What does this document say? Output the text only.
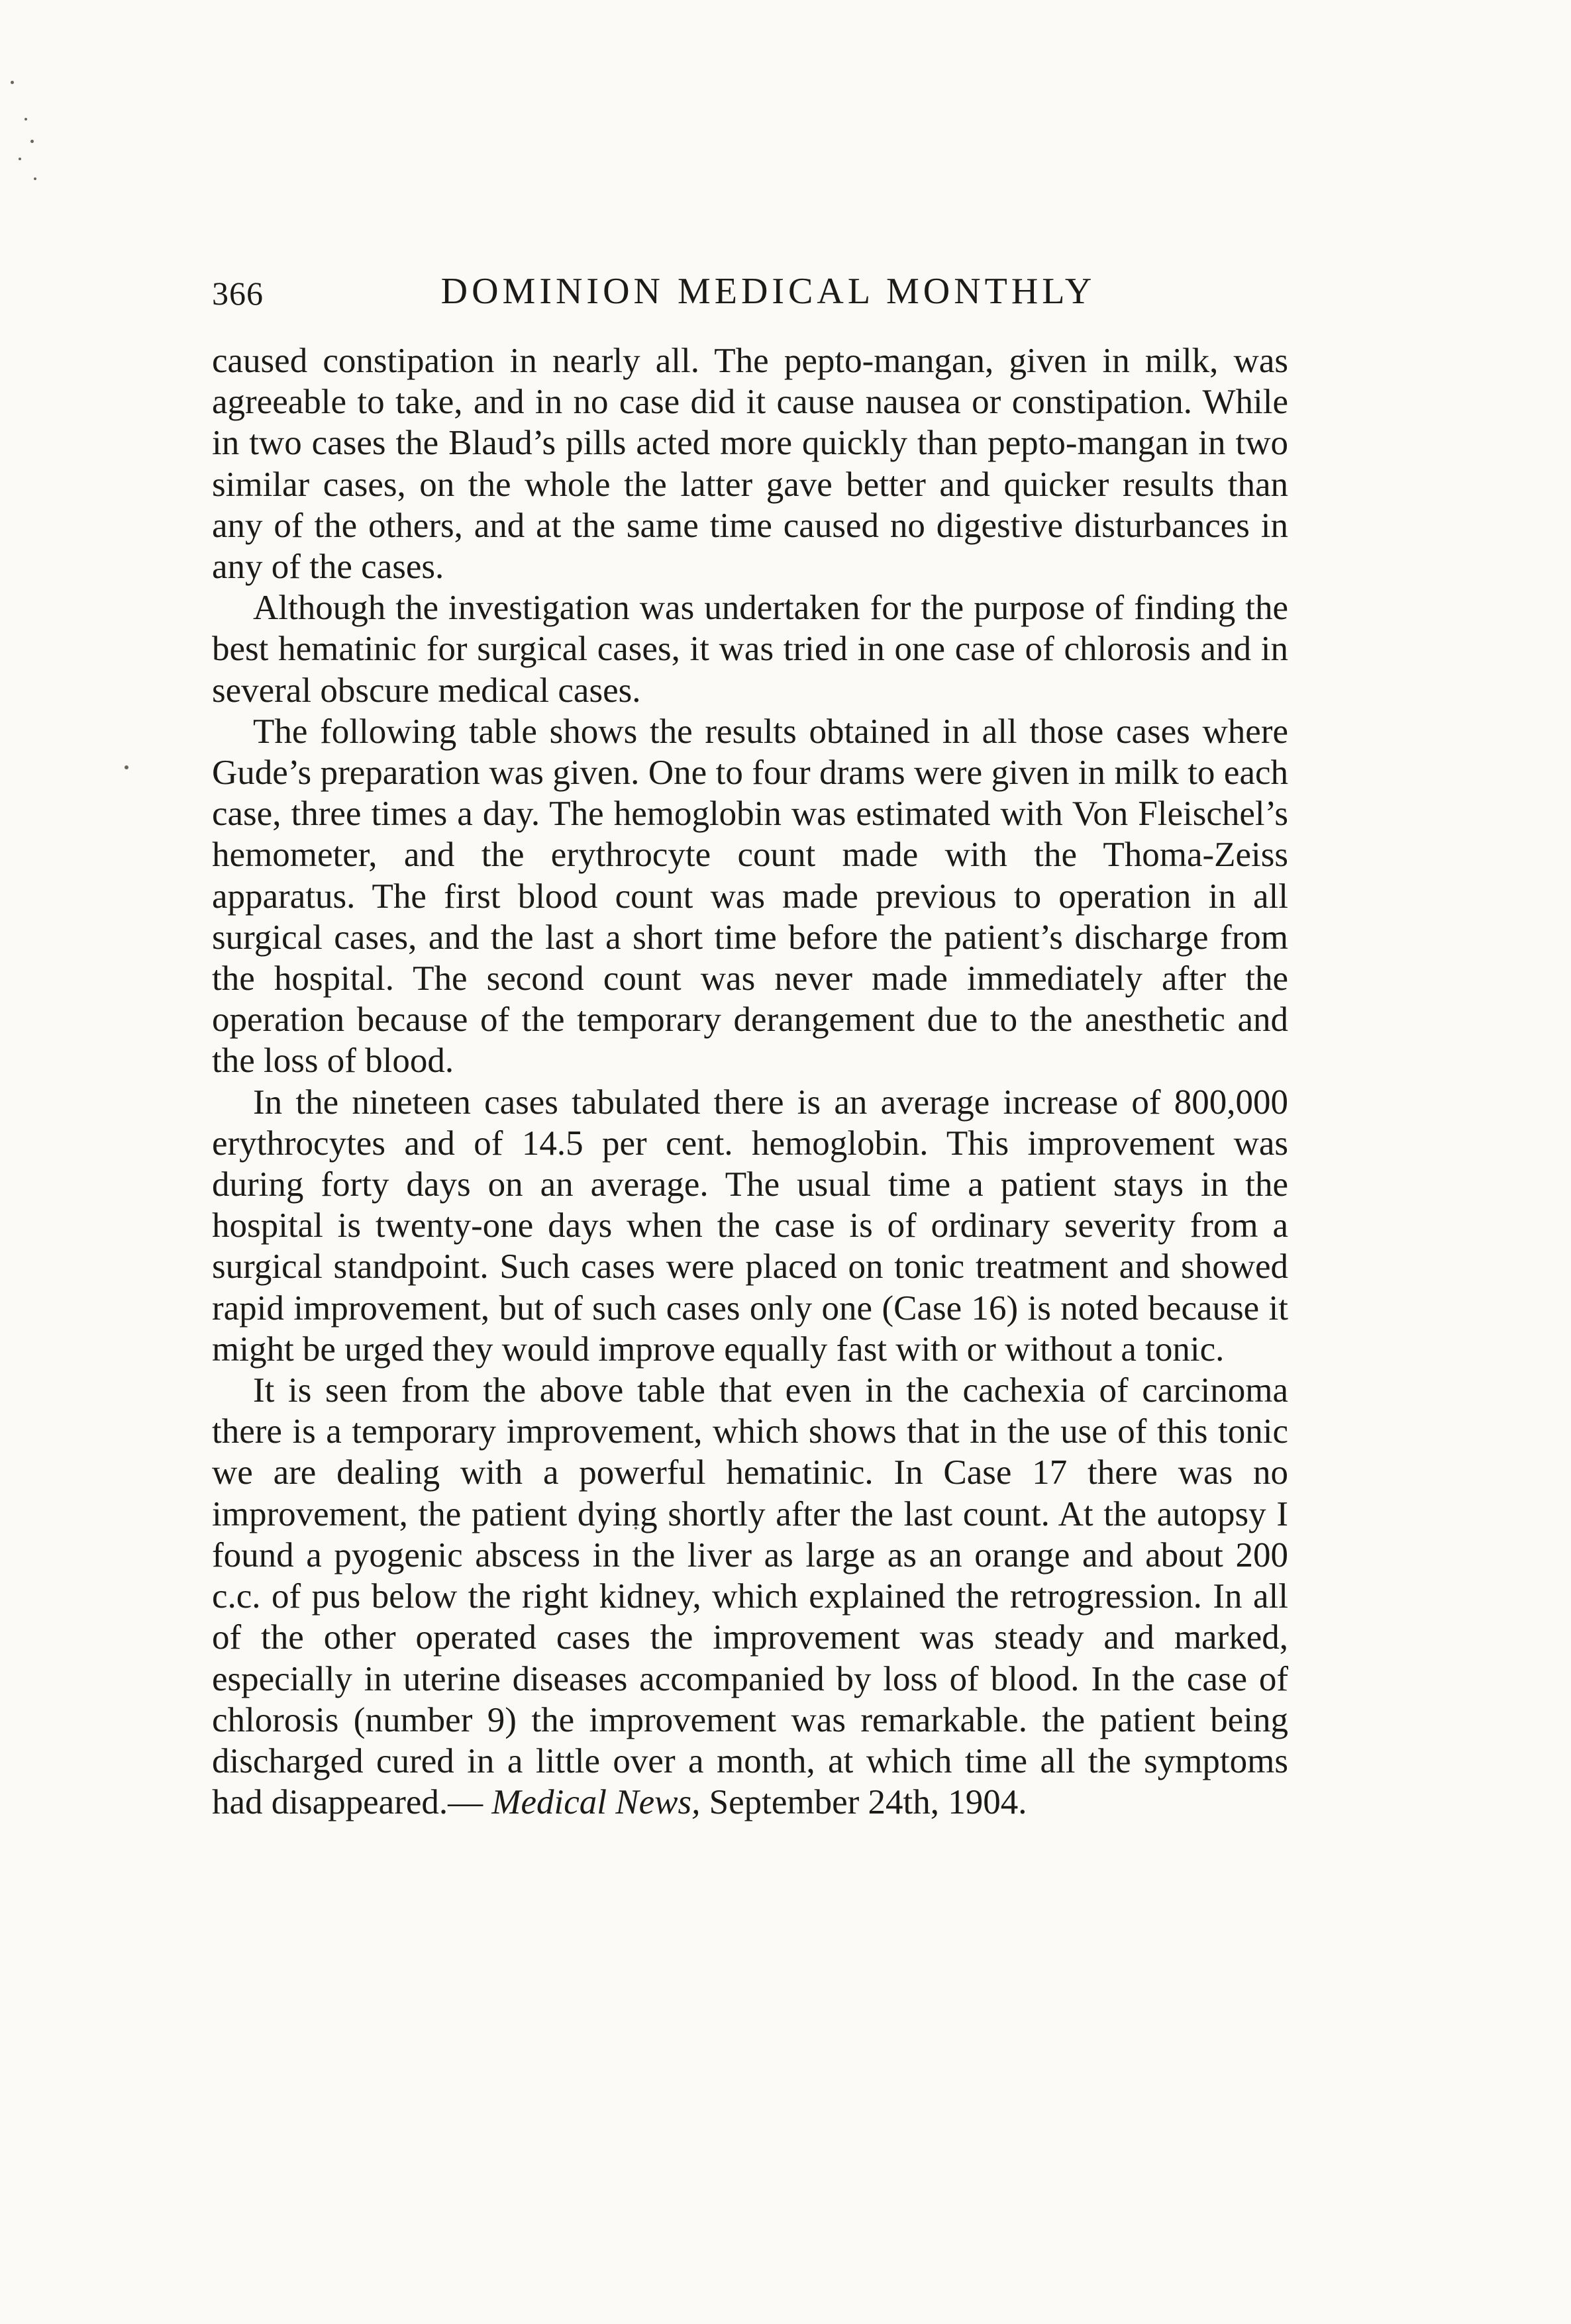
366	DOMINION MEDICAL MONTHLY

caused constipation in nearly all. The pepto-mangan, given in milk, was agreeable to take, and in no case did it cause nausea or constipation. While in two cases the Blaud’s pills acted more quickly than pepto-mangan in two similar cases, on the whole the latter gave better and quicker results than any of the others, and at the same time caused no digestive disturbances in any of the cases.

Although the investigation was undertaken for the purpose of finding the best hematinic for surgical cases, it was tried in one case of chlorosis and in several obscure medical cases.

The following table shows the results obtained in all those cases where Gude’s preparation was given. One to four drams were given in milk to each case, three times a day. The hemoglobin was estimated with Von Fleischel’s hemometer, and the erythrocyte count made with the Thoma-Zeiss apparatus. The first blood count was made previous to operation in all surgical cases, and the last a short time before the patient’s discharge from the hospital. The second count was never made immediately after the operation because of the temporary derangement due to the anesthetic and the loss of blood.

In the nineteen cases tabulated there is an average increase of 800,000 erythrocytes and of 14.5 per cent. hemoglobin. This improvement was during forty days on an average. The usual time a patient stays in the hospital is twenty-one days when the case is of ordinary severity from a surgical standpoint. Such cases were placed on tonic treatment and showed rapid improvement, but of such cases only one (Case 16) is noted because it might be urged they would improve equally fast with or without a tonic.

It is seen from the above table that even in the cachexia of carcinoma there is a temporary improvement, which shows that in the use of this tonic we are dealing with a powerful hematinic. In Case 17 there was no improvement, the patient dying shortly after the last count. At the autopsy I found a pyogenic abscess in the liver as large as an orange and about 200 c.c. of pus below the right kidney, which explained the retrogression. In all of the other operated cases the improvement was steady and marked, especially in uterine diseases accompanied by loss of blood. In the case of chlorosis (number 9) the improvement was remarkable. the patient being discharged cured in a little over a month, at which time all the symptoms had disappeared.— Medical News, September 24th, 1904.
